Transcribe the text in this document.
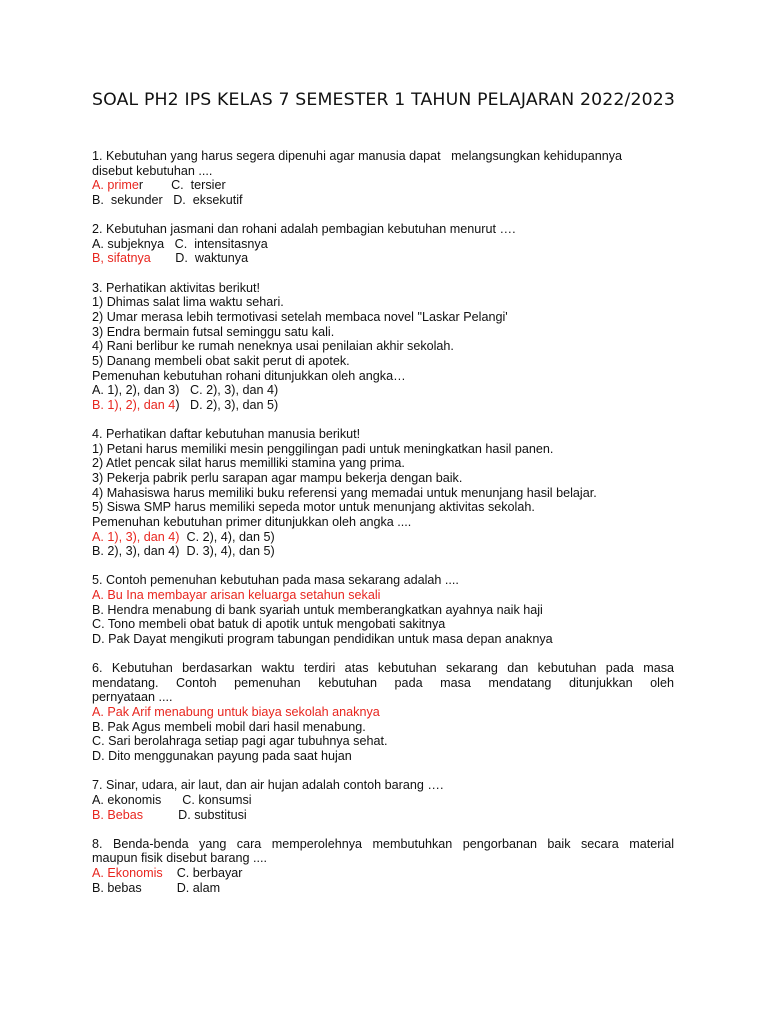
SOAL PH2 IPS KELAS 7 SEMESTER 1 TAHUN PELAJARAN 2022/2023
1. Kebutuhan yang harus segera dipenuhi agar manusia dapat   melangsungkan kehidupannya
disebut kebutuhan ....
A. primer        C.  tersier
B.  sekunder   D.  eksekutif
2. Kebutuhan jasmani dan rohani adalah pembagian kebutuhan menurut ….
A. subjeknya   C.  intensitasnya
B, sifatnya       D.  waktunya
3. Perhatikan aktivitas berikut!
1) Dhimas salat lima waktu sehari.
2) Umar merasa lebih termotivasi setelah membaca novel "Laskar Pelangi'
3) Endra bermain futsal seminggu satu kali.
4) Rani berlibur ke rumah neneknya usai penilaian akhir sekolah.
5) Danang membeli obat sakit perut di apotek.
Pemenuhan kebutuhan rohani ditunjukkan oleh angka…
A. 1), 2), dan 3)   C. 2), 3), dan 4)
B. 1), 2), dan 4)   D. 2), 3), dan 5)
4. Perhatikan daftar kebutuhan manusia berikut!
1) Petani harus memiliki mesin penggilingan padi untuk meningkatkan hasil panen.
2) Atlet pencak silat harus memilliki stamina yang prima.
3) Pekerja pabrik perlu sarapan agar mampu bekerja dengan baik.
4) Mahasiswa harus memiliki buku referensi yang memadai untuk menunjang hasil belajar.
5) Siswa SMP harus memiliki sepeda motor untuk menunjang aktivitas sekolah.
Pemenuhan kebutuhan primer ditunjukkan oleh angka ....
A. 1), 3), dan 4)  C. 2), 4), dan 5)
B. 2), 3), dan 4)  D. 3), 4), dan 5)
5. Contoh pemenuhan kebutuhan pada masa sekarang adalah ....
A. Bu Ina membayar arisan keluarga setahun sekali
B. Hendra menabung di bank syariah untuk memberangkatkan ayahnya naik haji
C. Tono membeli obat batuk di apotik untuk mengobati sakitnya
D. Pak Dayat mengikuti program tabungan pendidikan untuk masa depan anaknya
6. Kebutuhan berdasarkan waktu terdiri atas kebutuhan sekarang dan kebutuhan pada masa
mendatang. Contoh pemenuhan kebutuhan pada masa mendatang ditunjukkan oleh
pernyataan ....
A. Pak Arif menabung untuk biaya sekolah anaknya
B. Pak Agus membeli mobil dari hasil menabung.
C. Sari berolahraga setiap pagi agar tubuhnya sehat.
D. Dito menggunakan payung pada saat hujan
7. Sinar, udara, air laut, dan air hujan adalah contoh barang ….
A. ekonomis      C. konsumsi
B. Bebas          D. substitusi
8. Benda-benda yang cara memperolehnya membutuhkan pengorbanan baik secara material
maupun fisik disebut barang ....
A. Ekonomis    C. berbayar
B. bebas          D. alam
